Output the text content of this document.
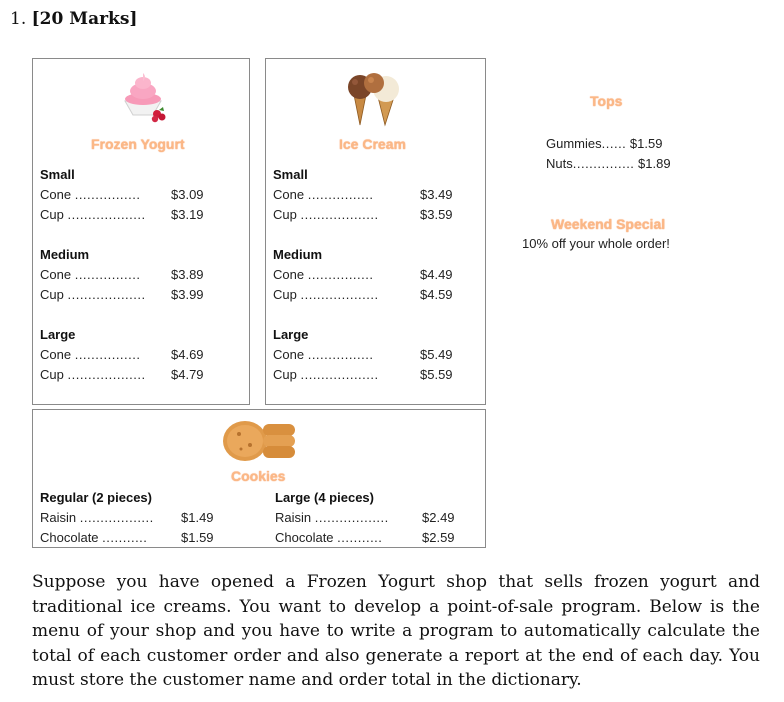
1. [20 Marks]
Frozen Yogurt
Small
Cone ................ $3.09
Cup ................... $3.19
Medium
Cone ................ $3.89
Cup ................... $3.99
Large
Cone ................ $4.69
Cup ................... $4.79
Ice Cream
Small
Cone ................	$3.49
Cup ...................	$3.59
Medium
Cone ................	$4.49
Cup ...................	$4.59
Large
Cone ................	$5.49
Cup ...................	$5.59
Tops
Gummies...... $1.59
Nuts............... $1.89
Weekend Special
10% off your whole order!
Cookies
Regular (2 pieces)
Raisin .................. $1.49
Chocolate ...........	$1.59
Large (4 pieces)
Raisin ..................	$2.49
Chocolate ...........	$2.59
Suppose you have opened a Frozen Yogurt shop that sells frozen yogurt and traditional ice creams. You want to develop a point-of-sale program. Below is the menu of your shop and you have to write a program to automatically calculate the total of each customer order and also generate a report at the end of each day. You must store the customer name and order total in the dictionary.
